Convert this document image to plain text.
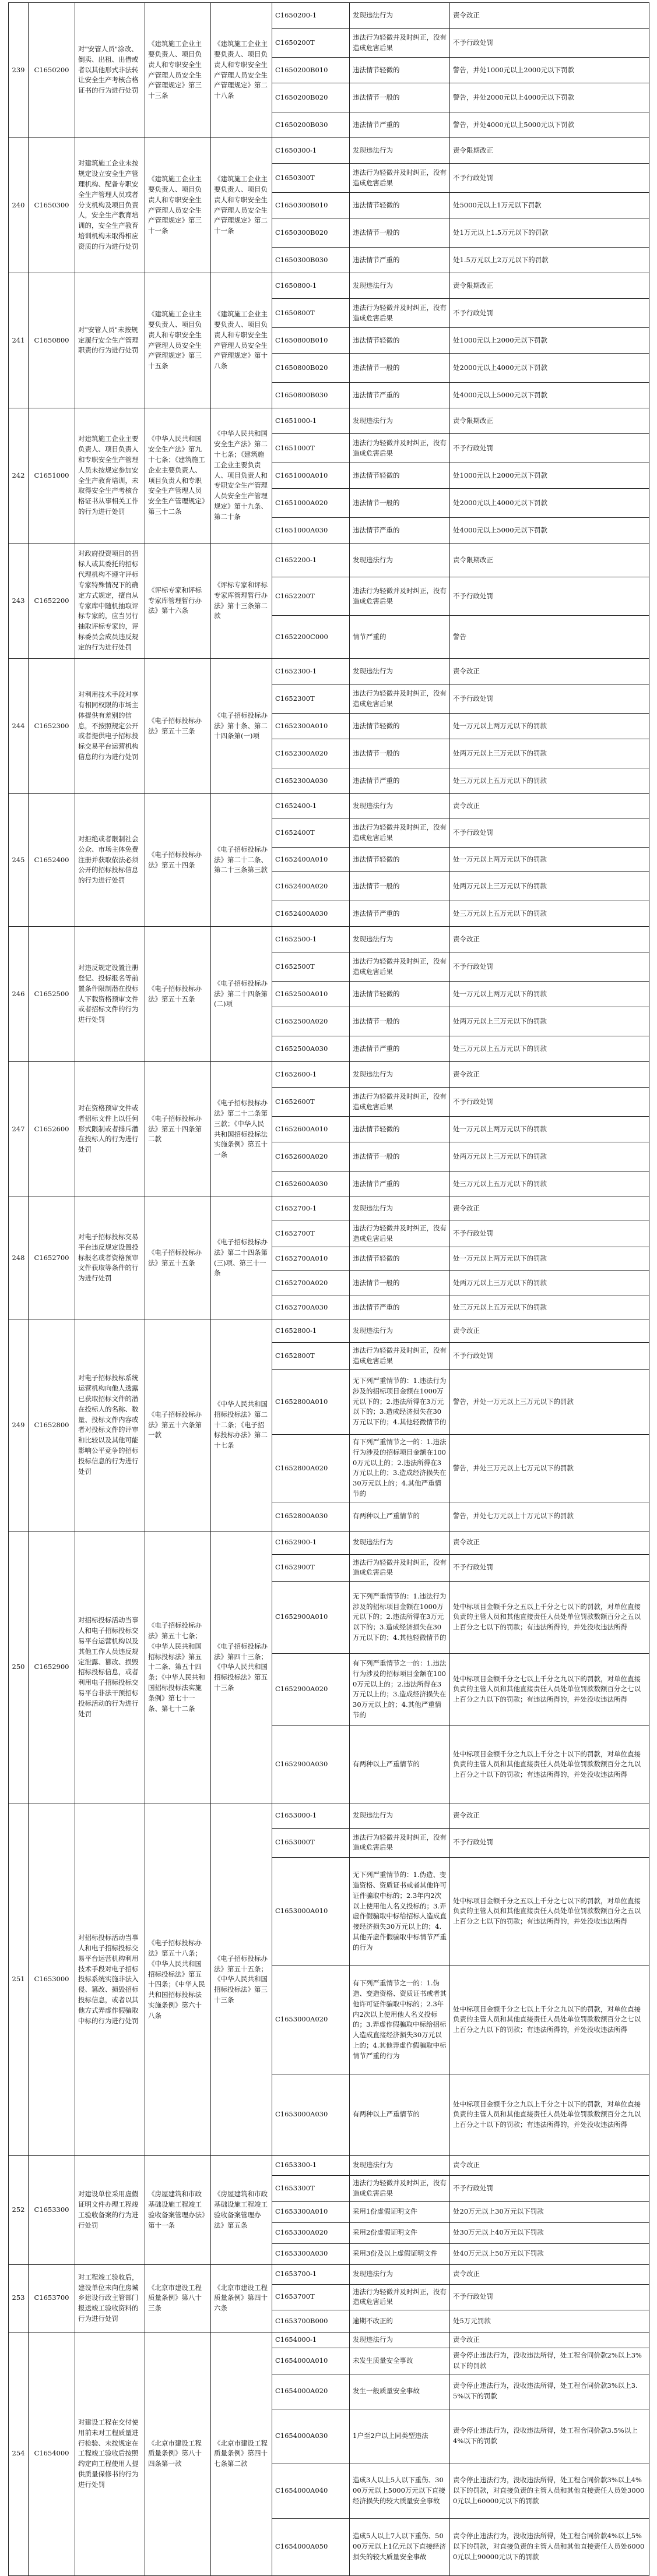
239	C1650200	对"安管人员"涂改、倒卖、出租、出借或者以其他形式非法转让安全生产考核合格证书的行为进行处罚	《建筑施工企业主要负责人、项目负责人和专职安全生产管理人员安全生产管理规定》第三十三条	《建筑施工企业主要负责人、项目负责人和专职安全生产管理人员安全生产管理规定》第二十八条	C1650200-1	发现违法行为	责令改正
					C1650200T	违法行为轻微并及时纠正，没有造成危害后果	不予行政处罚
					C1650200B010	违法情节轻微的	警告，并处1000元以上2000元以下罚款
					C1650200B020	违法情节一般的	警告，并处2000元以上4000元以下罚款
					C1650200B030	违法情节严重的	警告，并处4000元以上5000元以下罚款
240	C1650300	对建筑施工企业未按规定设立安全生产管理机构、配备专职安全生产管理人员或者分支机构及项目负责人，安全生产教育培训的，安全生产教育培训机构未取得相应资质的行为进行处罚	《建筑施工企业主要负责人、项目负责人和专职安全生产管理人员安全生产管理规定》第三十一条	《建筑施工企业主要负责人、项目负责人和专职安全生产管理人员安全生产管理规定》第二十一条	C1650300-1	发现违法行为	责令限期改正
					C1650300T	违法行为轻微并及时纠正，没有造成危害后果	不予行政处罚
					C1650300B010	违法情节轻微的	处5000元以上1万元以下罚款
					C1650300B020	违法情节一般的	处1万元以上1.5万元以下的罚款
					C1650300B030	违法情节严重的	处1.5万元以上2万元以下的罚款
241	C1650800	对"安管人员"未按规定履行安全生产管理职责的行为进行处罚	《建筑施工企业主要负责人、项目负责人和专职安全生产管理人员安全生产管理规定》第三十五条	《建筑施工企业主要负责人、项目负责人和专职安全生产管理人员安全生产管理规定》第十八条	C1650800-1	发现违法行为	责令限期改正
					C1650800T	违法行为轻微并及时纠正，没有造成危害后果	不予行政处罚
					C1650800B010	违法情节轻微的	处1000元以上2000元以下罚款
					C1650800B020	违法情节一般的	处2000元以上4000元以下罚款
					C1650800B030	违法情节严重的	处4000元以上5000元以下罚款
242	C1651000	对建筑施工企业主要负责人、项目负责人和专职安全生产管理人员未按规定参加安全生产教育培训，未取得安全生产考核合格证书从事相关工作的行为进行处罚	《中华人民共和国安全生产法》第九十七条；《建筑施工企业主要负责人、项目负责人和专职安全生产管理人员安全生产管理规定》第三十二条	《中华人民共和国安全生产法》第二十七条；《建筑施工企业主要负责人、项目负责人和专职安全生产管理人员安全生产管理规定》第十九条、第二十条	C1651000-1	发现违法行为	责令限期改正
					C1651000T	违法行为轻微并及时纠正，没有造成危害后果	不予行政处罚
					C1651000A010	违法情节轻微的	处1000元以上2000元以下罚款
					C1651000A020	违法情节一般的	处2000元以上4000元以下罚款
					C1651000A030	违法情节严重的	处4000元以上5000元以下罚款
243	C1652200	对政府投资项目的招标人或其委托的招标代理机构不遵守评标专家特殊情况下的确定方式规定，擅自从专家库中随机抽取评标专家的，应当另行抽取评标专家的，评标委员会成员违反规定的行为进行处罚	《评标专家和评标专家库管理暂行办法》第十六条	《评标专家和评标专家库管理暂行办法》第十三条第二款	C1652200-1	发现违法行为	责令限期改正
					C1652200T	违法行为轻微并及时纠正，没有造成危害后果	不予行政处罚
					C1652200C000	情节严重的	警告
244	C1652300	对利用技术手段对享有相同权限的市场主体提供有差别的信息，不按照规定公开或者提供电子招标投标交易平台运营机构信息的行为进行处罚	《电子招标投标办法》第五十三条	《电子招标投标办法》第十条、第二十四条第(一)项	C1652300-1	发现违法行为	责令改正
					C1652300T	违法行为轻微并及时纠正，没有造成危害后果	不予行政处罚
					C1652300A010	违法情节轻微的	处一万元以上两万元以下的罚款
					C1652300A020	违法情节一般的	处两万元以上三万元以下的罚款
					C1652300A030	违法情节严重的	处三万元以上五万元以下的罚款
245	C1652400	对拒绝或者限制社会公众、市场主体免费注册并获取依法必须公开的招标投标信息的行为进行处罚	《电子招标投标办法》第五十四条	《电子招标投标办法》第二十二条、第二十三条第三款	C1652400-1	发现违法行为	责令改正
					C1652400T	违法行为轻微并及时纠正，没有造成危害后果	不予行政处罚
					C1652400A010	违法情节轻微的	处一万元以上两万元以下的罚款
					C1652400A020	违法情节一般的	处两万元以上三万元以下的罚款
					C1652400A030	违法情节严重的	处三万元以上五万元以下的罚款
246	C1652500	对违反规定设置注册登记、投标报名等前置条件限制潜在投标人下载资格预审文件或者招标文件的行为进行处罚	《电子招标投标办法》第五十五条	《电子招标投标办法》第二十四条第(二)项	C1652500-1	发现违法行为	责令改正
					C1652500T	违法行为轻微并及时纠正，没有造成危害后果	不予行政处罚
					C1652500A010	违法情节轻微的	处一万元以上两万元以下的罚款
					C1652500A020	违法情节一般的	处两万元以上三万元以下的罚款
					C1652500A030	违法情节严重的	处三万元以上五万元以下的罚款
247	C1652600	对在资格预审文件或者招标文件上以任何形式限制或者排斥潜在投标人的行为进行处罚	《电子招标投标办法》第五十四条第二款	《电子招标投标办法》第二十二条第三款；《中华人民共和国招标投标法实施条例》第五十一条	C1652600-1	发现违法行为	责令改正
					C1652600T	违法行为轻微并及时纠正，没有造成危害后果	不予行政处罚
					C1652600A010	违法情节轻微的	处一万元以上两万元以下的罚款
					C1652600A020	违法情节一般的	处两万元以上三万元以下的罚款
					C1652600A030	违法情节严重的	处三万元以上五万元以下的罚款
248	C1652700	对电子招标投标交易平台违反规定设置投标报名或者资格预审文件获取等条件的行为进行处罚	《电子招标投标办法》第五十五条	《电子招标投标办法》第二十四条第(三)项、第三十一条	C1652700-1	发现违法行为	责令改正
					C1652700T	违法行为轻微并及时纠正，没有造成危害后果	不予行政处罚
					C1652700A010	违法情节轻微的	处一万元以上两万元以下的罚款
					C1652700A020	违法情节一般的	处两万元以上三万元以下的罚款
					C1652700A030	违法情节严重的	处三万元以上五万元以下的罚款
249	C1652800	对电子招标投标系统运营机构向他人透露已获取招标文件的潜在投标人的名称、数量、投标文件内容或者对投标文件的评审和比较以及其他可能影响公平竞争的招标投标信息的行为进行处罚	《电子招标投标办法》第五十六条第一款	《中华人民共和国招标投标法》第二十二条；《电子招标投标办法》第二十七条	C1652800-1	发现违法行为	责令改正
					C1652800T	违法行为轻微并及时纠正，没有造成危害后果	不予行政处罚
					C1652800A010	无下列严重情节的：1.违法行为涉及的招标项目金额在1000万元以下的；2.违法所得在3万元以下的；3.造成经济损失在30万元以下的；4.其他轻微情节的	警告，并处一万元以上三万元以下的罚款
					C1652800A020	有下列严重情节之一的：1.违法行为涉及的招标项目金额在1000万元以上的；2.违法所得在3万元以上的；3.造成经济损失在30万元以上的；4.其他严重情节的	警告，并处三万元以上七万元以下的罚款
					C1652800A030	有两种以上严重情节的	警告，并处七万元以上十万元以下的罚款
250	C1652900	对招标投标活动当事人和电子招标投标交易平台运营机构以及其他工作人员违反规定泄露、篡改、损毁招标投标信息，或者利用电子招标投标交易平台非法干预招标投标活动的行为进行处罚	《电子招标投标办法》第五十七条；《中华人民共和国招标投标法》第五十二条、第五十四条；《中华人民共和国招标投标法实施条例》第七十一条、第七十二条	《电子招标投标办法》第四十三条；《中华人民共和国招标投标法》第五十三条	C1652900-1	发现违法行为	责令改正
					C1652900T	违法行为轻微并及时纠正，没有造成危害后果	不予行政处罚
					C1652900A010	无下列严重情节的：1.违法行为涉及的招标项目金额在1000万元以下的；2.违法所得在3万元以下的；3.造成经济损失在30万元以下的；4.其他轻微情节的	处中标项目金额千分之五以上千分之七以下的罚款，对单位直接负责的主管人员和其他直接责任人员处单位罚款数额百分之五以上百分之七以下的罚款；有违法所得的，并处没收违法所得
					C1652900A020	有下列严重情节之一的：1.违法行为涉及的招标项目金额在1000万元以上的；2.违法所得在3万元以上的；3.造成经济损失在30万元以上的；4.其他严重情节的	处中标项目金额千分之七以上千分之九以下的罚款，对单位直接负责的主管人员和其他直接责任人员处单位罚款数额百分之七以上百分之九以下的罚款；有违法所得的，并处没收违法所得
					C1652900A030	有两种以上严重情节的	处中标项目金额千分之九以上千分之十以下的罚款，对单位直接负责的主管人员和其他直接责任人员处单位罚款数额百分之九以上百分之十以下的罚款；有违法所得的，并处没收违法所得
251	C1653000	对招标投标活动当事人和电子招标投标交易平台运营机构利用技术手段对电子招标投标系统实施非法入侵、篡改、损毁招标投标信息，或者以其他方式弄虚作假骗取中标的行为进行处罚	《电子招标投标办法》第五十八条；《中华人民共和国招标投标法》第五十四条；《中华人民共和国招标投标法实施条例》第六十八条	《电子招标投标办法》第五十五条；《中华人民共和国招标投标法》第三十三条	C1653000-1	发现违法行为	责令改正
					C1653000T	违法行为轻微并及时纠正，没有造成危害后果	不予行政处罚
					C1653000A010	无下列严重情节的：1.伪造、变造资格、资质证书或者其他许可证件骗取中标的；2.3年内2次以上使用他人名义投标的；3.弄虚作假骗取中标给招标人造成直接经济损失30万元以上的；4.其他弄虚作假骗取中标情节严重的行为	处中标项目金额千分之五以上千分之七以下的罚款，对单位直接负责的主管人员和其他直接责任人员处单位罚款数额百分之五以上百分之七以下的罚款；有违法所得的，并处没收违法所得
					C1653000A020	有下列严重情节之一的：1.伪造、变造资格、资质证书或者其他许可证件骗取中标的；2.3年内2次以上使用他人名义投标的；3.弄虚作假骗取中标给招标人造成直接经济损失30万元以上的；4.其他弄虚作假骗取中标情节严重的行为	处中标项目金额千分之七以上千分之九以下的罚款，对单位直接负责的主管人员和其他直接责任人员处单位罚款数额百分之七以上百分之九以下的罚款；有违法所得的，并处没收违法所得
					C1653000A030	有两种以上严重情节的	处中标项目金额千分之九以上千分之十以下的罚款，对单位直接负责的主管人员和其他直接责任人员处单位罚款数额百分之九以上百分之十以下的罚款；有违法所得的，并处没收违法所得
252	C1653300	对建设单位采用虚假证明文件办理工程竣工验收备案的行为进行处罚	《房屋建筑和市政基础设施工程竣工验收备案管理办法》第十一条	《房屋建筑和市政基础设施工程竣工验收备案管理办法》第五条	C1653300-1	发现违法行为	责令改正
					C1653300T	违法行为轻微并及时纠正，没有造成危害后果	不予行政处罚
					C1653300A010	采用1份虚假证明文件	处20万元以上30万元以下罚款
					C1653300A020	采用2份虚假证明文件	处30万元以上40万元以下罚款
					C1653300A030	采用3份及以上虚假证明文件	处40万元以上50万元以下罚款
253	C1653700	对工程竣工验收后，建设单位未向住房城乡建设行政主管部门报送竣工验收资料的行为进行处罚	《北京市建设工程质量条例》第八十三条	《北京市建设工程质量条例》第四十六条	C1653700-1	发现违法行为	责令改正
					C1653700T	违法行为轻微并及时纠正，没有造成危害后果	不予行政处罚
					C1653700B000	逾期不改正的	处5万元罚款
254	C1654000	对建设工程在交付使用前未对工程质量进行检验、未按规定在工程竣工验收后按照约定向工程使用人提供质量保修书的行为进行处罚	《北京市建设工程质量条例》第八十四条第一款	《北京市建设工程质量条例》第四十七条第二款	C1654000-1	发现违法行为	责令改正
					C1654000A010	未发生质量安全事故	责令停止违法行为，没收违法所得，处工程合同价款2%以上3%以下的罚款
					C1654000A020	发生一般质量安全事故	责令停止违法行为，没收违法所得，处工程合同价款3%以上3.5%以下的罚款
					C1654000A030	1户至2户以上同类型违法	责令停止违法行为，没收违法所得，处工程合同价款3.5%以上4%以下的罚款
					C1654000A040	造成3人以上5人以下重伤、3000万元以上5000万元以下直接经济损失的较大质量安全事故	责令停止违法行为，没收违法所得，处工程合同价款3%以上4%以下的罚款，对直接负责的主管人员和其他直接责任人员处30000元以上60000元以下的罚款
					C1654000A050	造成5人以上7人以下重伤、5000万元以上1亿元以下直接经济损失的较大质量安全事故	责令停止违法行为，没收违法所得，处工程合同价款4%以上5%以下的罚款，对直接负责的主管人员和其他直接责任人员处60000元以上90000元以下的罚款
